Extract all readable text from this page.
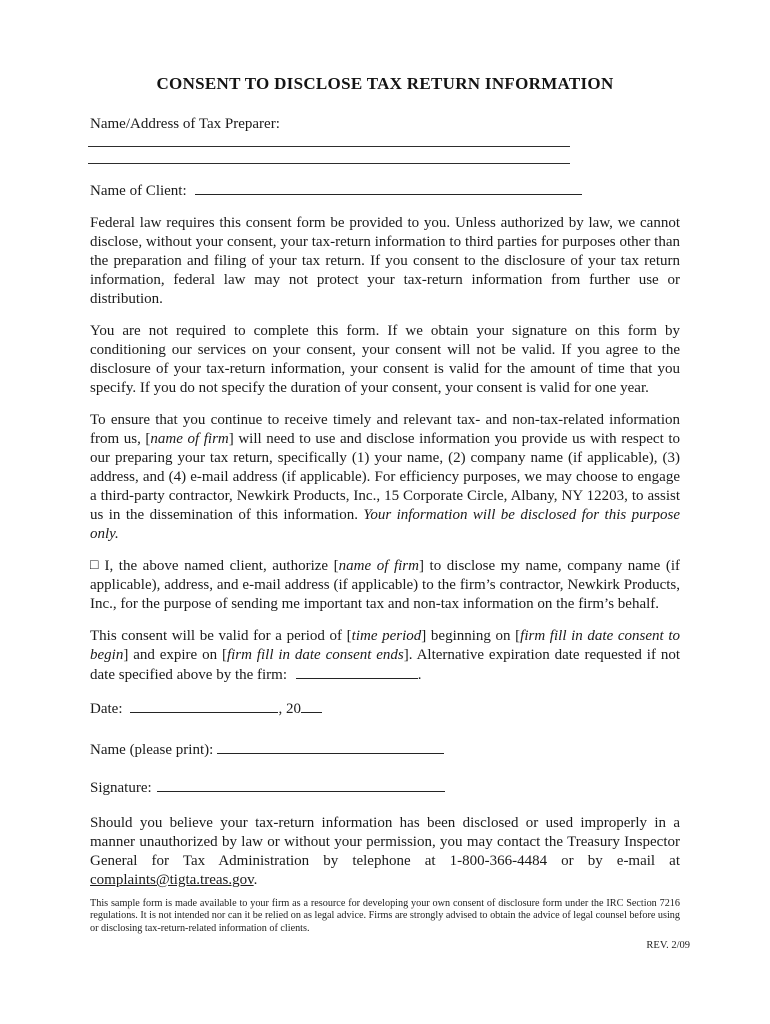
CONSENT TO DISCLOSE TAX RETURN INFORMATION
Name/Address of Tax Preparer:
Name of Client:

Federal law requires this consent form be provided to you. Unless authorized by law, we cannot disclose, without your consent, your tax-return information to third parties for purposes other than the preparation and filing of your tax return. If you consent to the disclosure of your tax return information, federal law may not protect your tax-return information from further use or distribution.

You are not required to complete this form. If we obtain your signature on this form by conditioning our services on your consent, your consent will not be valid. If you agree to the disclosure of your tax-return information, your consent is valid for the amount of time that you specify. If you do not specify the duration of your consent, your consent is valid for one year.

To ensure that you continue to receive timely and relevant tax- and non-tax-related information from us, [name of firm] will need to use and disclose information you provide us with respect to our preparing your tax return, specifically (1) your name, (2) company name (if applicable), (3) address, and (4) e-mail address (if applicable). For efficiency purposes, we may choose to engage a third-party contractor, Newkirk Products, Inc., 15 Corporate Circle, Albany, NY 12203, to assist us in the dissemination of this information. Your information will be disclosed for this purpose only.

□ I, the above named client, authorize [name of firm] to disclose my name, company name (if applicable), address, and e-mail address (if applicable) to the firm’s contractor, Newkirk Products, Inc., for the purpose of sending me important tax and non-tax information on the firm’s behalf.

This consent will be valid for a period of [time period] beginning on [firm fill in date consent to begin] and expire on [firm fill in date consent ends]. Alternative expiration date requested if not date specified above by the firm:	.

Date:	, 20
Name (please print):
Signature:

Should you believe your tax-return information has been disclosed or used improperly in a manner unauthorized by law or without your permission, you may contact the Treasury Inspector General for Tax Administration by telephone at 1-800-366-4484 or by e-mail at complaints@tigta.treas.gov.

This sample form is made available to your firm as a resource for developing your own consent of disclosure form under the IRC Section 7216 regulations. It is not intended nor can it be relied on as legal advice. Firms are strongly advised to obtain the advice of legal counsel before using or disclosing tax-return-related information of clients.

REV. 2/09
